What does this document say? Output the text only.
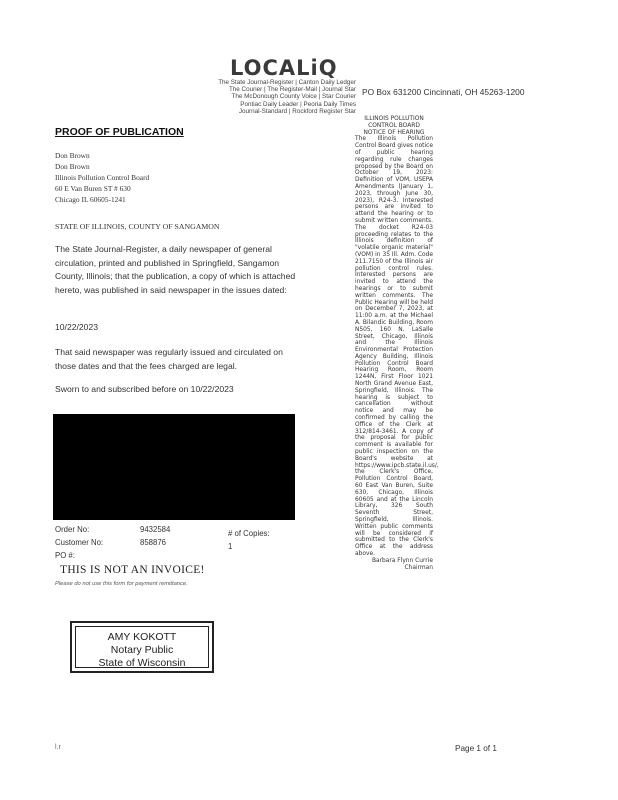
LOCALiQ
The State Journal-Register | Canton Daily Ledger
The Courier | The Register-Mail | Journal Star
The McDonough County Voice | Star Courier
Pontiac Daily Leader | Peoria Daily Times
Journal-Standard | Rockford Register Star
PO Box 631200 Cincinnati, OH 45263-1200
PROOF OF PUBLICATION
Don Brown
Don Brown
Illinois Pollution Control Board
60 E Van Buren ST # 630
Chicago IL 60605-1241
STATE OF ILLINOIS, COUNTY OF SANGAMON
The State Journal-Register, a daily newspaper of general circulation, printed and published in Springfield, Sangamon County, Illinois; that the publication, a copy of which is attached hereto, was published in said newspaper in the issues dated:
10/22/2023
That said newspaper was regularly issued and circulated on those dates and that the fees charged are legal.
Sworn to and subscribed before on 10/22/2023
Order No:	9432584
Customer No:	858876
PO #:
# of Copies:
1
THIS IS NOT AN INVOICE!
Please do not use this form for payment remittance.
AMY KOKOTT
Notary Public
State of Wisconsin
ILLINOIS POLLUTION
CONTROL BOARD
NOTICE OF HEARING
The Illinois Pollution Control Board gives notice of public hearing regarding rule changes proposed by the Board on October 19, 2023: Definition of VOM, USEPA Amendments (January 1, 2023, through June 30, 2023), R24-3. Interested persons are invited to attend the hearing or to submit written comments. The docket R24-03 proceeding relates to the Illinois definition of "volatile organic material" (VOM) in 35 Ill. Adm. Code 211.7150 of the Illinois air pollution control rules. Interested persons are invited to attend the hearings or to submit written comments. The Public Hearing will be held on December 7, 2023, at 11:00 a.m. at the Michael A. Bilandic Building, Room N505, 160 N. LaSalle Street, Chicago, Illinois and the Illinois Environmental Protection Agency Building, Illinois Pollution Control Board Hearing Room, Room 1244N, First Floor 1021 North Grand Avenue East, Springfield, Illinois. The hearing is subject to cancellation without notice and may be confirmed by calling the Office of the Clerk at 312/814-3461. A copy of the proposal for public comment is available for public inspection on the Board's website at https://www.ipcb.state.il.us/, the Clerk's Office, Pollution Control Board, 60 East Van Buren, Suite 630, Chicago, Illinois 60605 and at the Lincoln Library, 326 South Seventh Street, Springfield, Illinois. Written public comments will be considered if submitted to the Clerk's Office at the address above.
Barbara Flynn Currie
Chairman
l.r	Page 1 of 1
